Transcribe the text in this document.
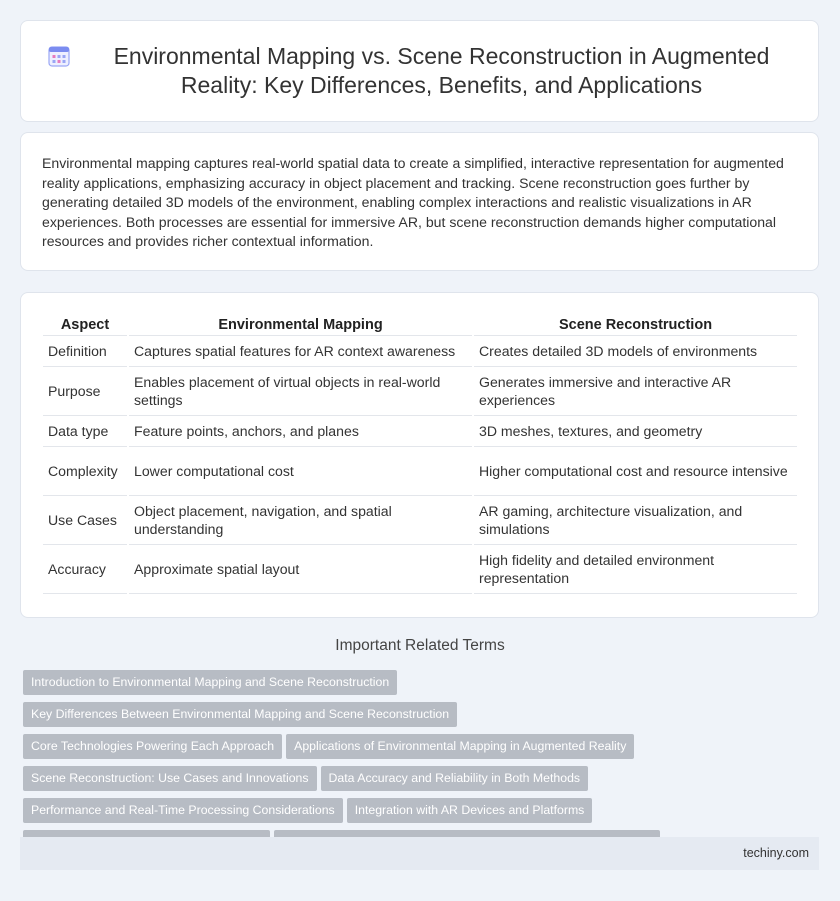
Environmental Mapping vs. Scene Reconstruction in Augmented Reality: Key Differences, Benefits, and Applications

Environmental mapping captures real-world spatial data to create a simplified, interactive representation for augmented reality applications, emphasizing accuracy in object placement and tracking. Scene reconstruction goes further by generating detailed 3D models of the environment, enabling complex interactions and realistic visualizations in AR experiences. Both processes are essential for immersive AR, but scene reconstruction demands higher computational resources and provides richer contextual information.

Aspect	Environmental Mapping	Scene Reconstruction
Definition	Captures spatial features for AR context awareness	Creates detailed 3D models of environments
Purpose	Enables placement of virtual objects in real-world settings	Generates immersive and interactive AR experiences
Data type	Feature points, anchors, and planes	3D meshes, textures, and geometry
Complexity	Lower computational cost	Higher computational cost and resource intensive
Use Cases	Object placement, navigation, and spatial understanding	AR gaming, architecture visualization, and simulations
Accuracy	Approximate spatial layout	High fidelity and detailed environment representation
Important Related Terms
Introduction to Environmental Mapping and Scene ReconstructionKey Differences Between Environmental Mapping and Scene Reconstruction
Core Technologies Powering Each Approach Applications of Environmental Mapping in Augmented Reality
Scene Reconstruction: Use Cases and Innovations Data Accuracy and Reliability in Both Methods
Performance and Real-Time Processing Considerations Integration with AR Devices and Platforms

techiny.com
